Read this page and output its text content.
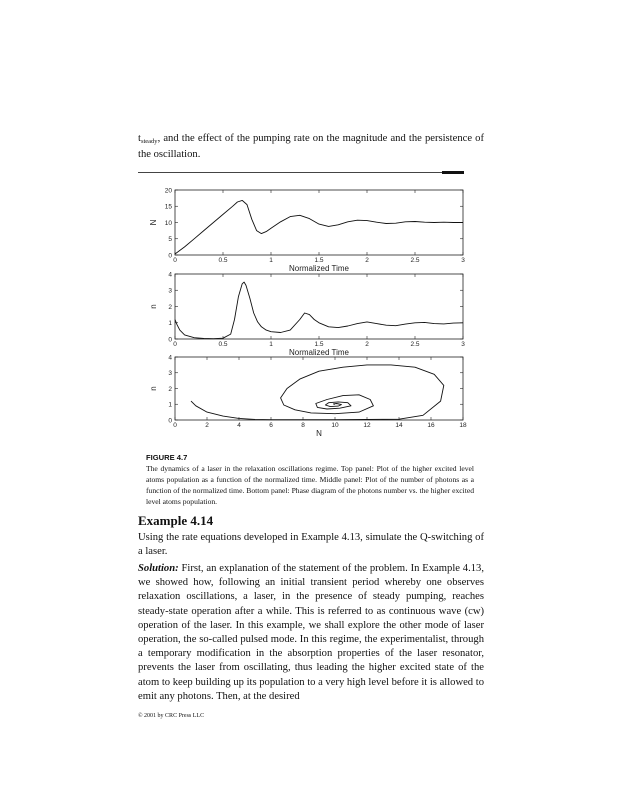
$t_{steady}$, and the effect of the pumping rate on the magnitude and the persistence of the oscillation.
0	0.5	1	1.5	2	2.5	3
0
5
10
15
20
Normalized Time
N
0	0.5	1	1.5	2	2.5	3
0
1
2
3
4
Normalized Time
n
0	2	4	6	8	10	12	14	16	18
0
1
2
3
4
N
n
FIGURE 4.7
The dynamics of a laser in the relaxation oscillations regime. Top panel: Plot of the higher excited level atoms population as a function of the normalized time. Middle panel: Plot of the number of photons as a function of the normalized time. Bottom panel: Phase diagram of the photons number vs. the higher excited level atoms population.
Example 4.14
Using the rate equations developed in Example 4.13, simulate the Q-switching of a laser.
Solution: First, an explanation of the statement of the problem. In Example 4.13, we showed how, following an initial transient period whereby one observes relaxation oscillations, a laser, in the presence of steady pumping, reaches steady-state operation after a while. This is referred to as continuous wave (cw) operation of the laser. In this example, we shall explore the other mode of laser operation, the so-called pulsed mode. In this regime, the experimentalist, through a temporary modification in the absorption properties of the laser resonator, prevents the laser from oscillating, thus leading the higher excited state of the atom to keep building up its population to a very high level before it is allowed to emit any photons. Then, at the desired
© 2001 by CRC Press LLC
